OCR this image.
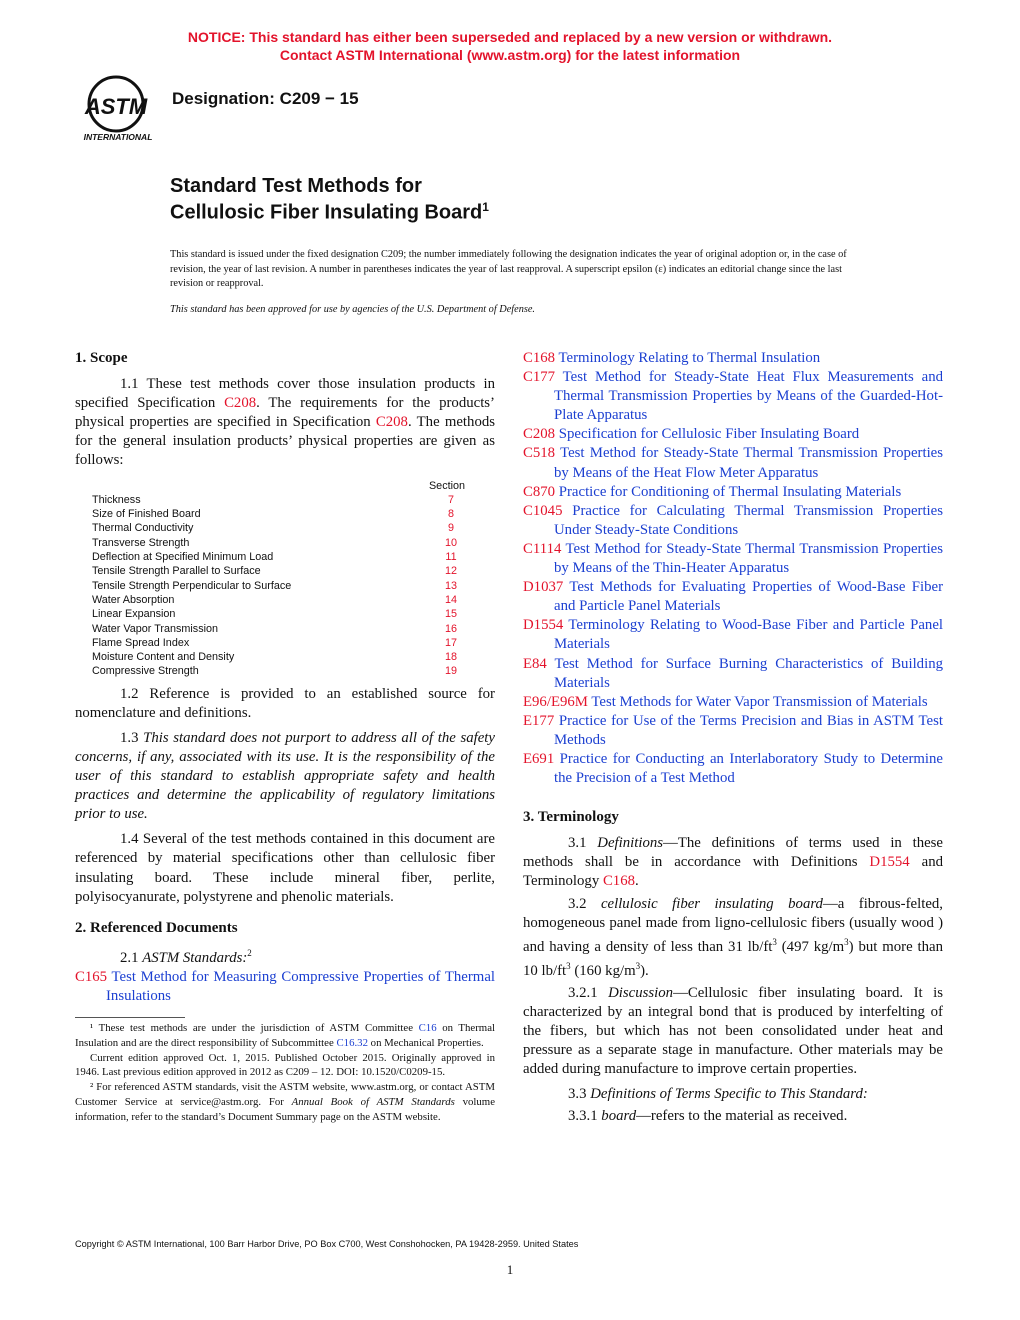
NOTICE: This standard has either been superseded and replaced by a new version or withdrawn.
Contact ASTM International (www.astm.org) for the latest information
ASTM
INTERNATIONAL
Designation: C209 − 15
Standard Test Methods for
Cellulosic Fiber Insulating Board$^1$
This standard is issued under the fixed designation C209; the number immediately following the designation indicates the year of original adoption or, in the case of revision, the year of last revision. A number in parentheses indicates the year of last reapproval. A superscript epsilon (ε) indicates an editorial change since the last revision or reapproval.
This standard has been approved for use by agencies of the U.S. Department of Defense.

1. Scope

1.1 These test methods cover those insulation products in specified Specification C208. The requirements for the products’ physical properties are specified in Specification C208. The methods for the general insulation products’ physical properties are given as follows:

Section
Thickness	7
Size of Finished Board	8
Thermal Conductivity	9
Transverse Strength	10
Deflection at Specified Minimum Load	11
Tensile Strength Parallel to Surface	12
Tensile Strength Perpendicular to Surface	13
Water Absorption	14
Linear Expansion	15
Water Vapor Transmission	16
Flame Spread Index	17
Moisture Content and Density	18
Compressive Strength	19

1.2 Reference is provided to an established source for nomenclature and definitions.

1.3 This standard does not purport to address all of the safety concerns, if any, associated with its use. It is the responsibility of the user of this standard to establish appropriate safety and health practices and determine the applicability of regulatory limitations prior to use.

1.4 Several of the test methods contained in this document are referenced by material specifications other than cellulosic fiber insulating board. These include mineral fiber, perlite, polyisocyanurate, polystyrene and phenolic materials.

2. Referenced Documents

2.1 ASTM Standards:$^2$

C165 Test Method for Measuring Compressive Properties of Thermal Insulations

¹ These test methods are under the jurisdiction of ASTM Committee C16 on Thermal Insulation and are the direct responsibility of Subcommittee C16.32 on Mechanical Properties.

Current edition approved Oct. 1, 2015. Published October 2015. Originally approved in 1946. Last previous edition approved in 2012 as C209 – 12. DOI: 10.1520/C0209-15.

² For referenced ASTM standards, visit the ASTM website, www.astm.org, or contact ASTM Customer Service at service@astm.org. For Annual Book of ASTM Standards volume information, refer to the standard’s Document Summary page on the ASTM website.

C168 Terminology Relating to Thermal Insulation

C177 Test Method for Steady-State Heat Flux Measurements and Thermal Transmission Properties by Means of the Guarded-Hot-Plate Apparatus

C208 Specification for Cellulosic Fiber Insulating Board

C518 Test Method for Steady-State Thermal Transmission Properties by Means of the Heat Flow Meter Apparatus

C870 Practice for Conditioning of Thermal Insulating Materials

C1045 Practice for Calculating Thermal Transmission Properties Under Steady-State Conditions

C1114 Test Method for Steady-State Thermal Transmission Properties by Means of the Thin-Heater Apparatus

D1037 Test Methods for Evaluating Properties of Wood-Base Fiber and Particle Panel Materials

D1554 Terminology Relating to Wood-Base Fiber and Particle Panel Materials

E84 Test Method for Surface Burning Characteristics of Building Materials

E96/E96M Test Methods for Water Vapor Transmission of Materials

E177 Practice for Use of the Terms Precision and Bias in ASTM Test Methods

E691 Practice for Conducting an Interlaboratory Study to Determine the Precision of a Test Method

3. Terminology

3.1 Definitions—The definitions of terms used in these methods shall be in accordance with Definitions D1554 and Terminology C168.

3.2 cellulosic fiber insulating board—a fibrous-felted, homogeneous panel made from ligno-cellulosic fibers (usually wood ) and having a density of less than 31 $lb/ft^3$ (497 $kg/m^3$) but more than 10 $lb/ft^3$ (160 $kg/m^3$).

3.2.1 Discussion—Cellulosic fiber insulating board. It is characterized by an integral bond that is produced by interfelting of the fibers, but which has not been consolidated under heat and pressure as a separate stage in manufacture. Other materials may be added during manufacture to improve certain properties.

3.3 Definitions of Terms Specific to This Standard:

3.3.1 board—refers to the material as received.

Copyright © ASTM International, 100 Barr Harbor Drive, PO Box C700, West Conshohocken, PA 19428-2959. United States
1
